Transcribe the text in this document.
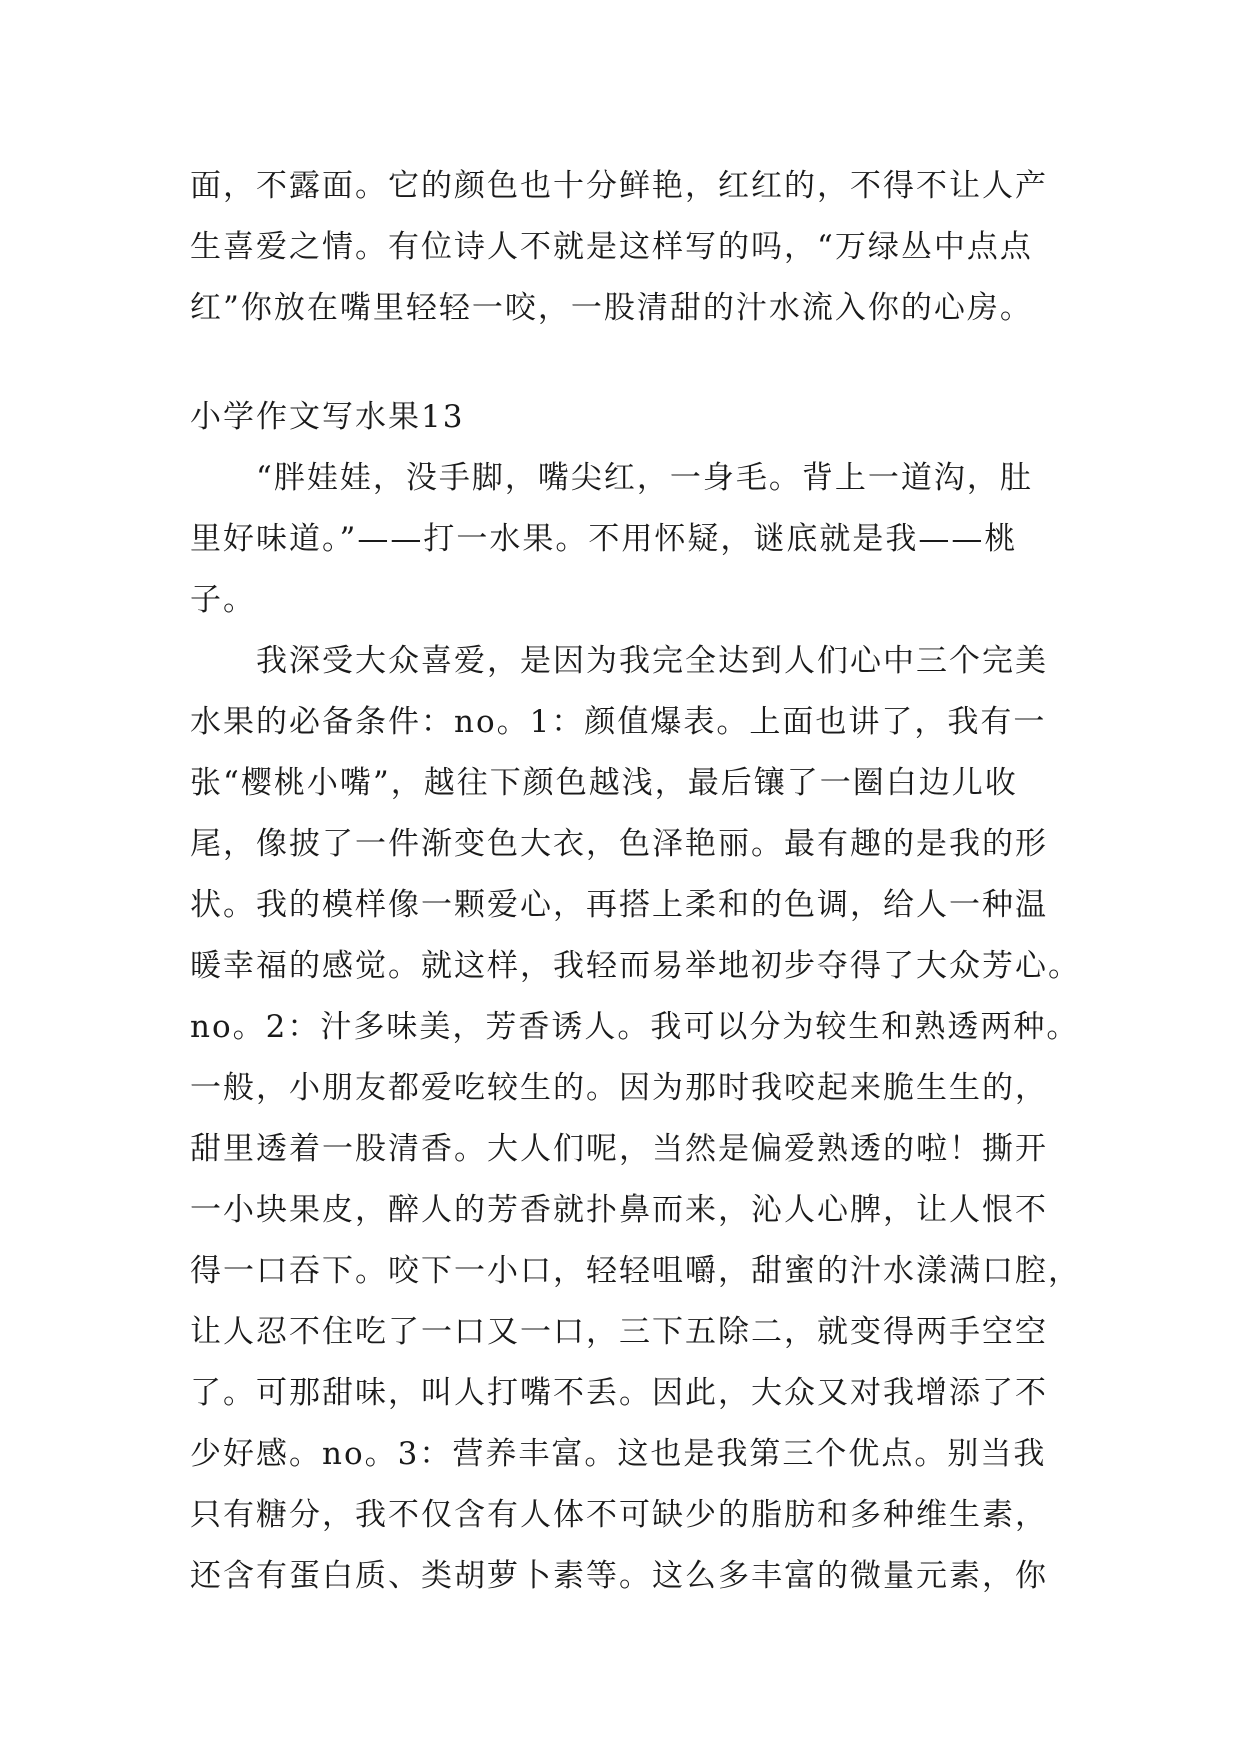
面，不露面。它的颜色也十分鲜艳，红红的，不得不让人产
生喜爱之情。有位诗人不就是这样写的吗，“万绿丛中点点
红”你放在嘴里轻轻一咬，一股清甜的汁水流入你的心房。

小学作文写水果13

“胖娃娃，没手脚，嘴尖红，一身毛。背上一道沟，肚
里好味道。”——打一水果。不用怀疑，谜底就是我——桃
子。

我深受大众喜爱，是因为我完全达到人们心中三个完美
水果的必备条件：no。1：颜值爆表。上面也讲了，我有一
张“樱桃小嘴”，越往下颜色越浅，最后镶了一圈白边儿收
尾，像披了一件渐变色大衣，色泽艳丽。最有趣的是我的形
状。我的模样像一颗爱心，再搭上柔和的色调，给人一种温
暖幸福的感觉。就这样，我轻而易举地初步夺得了大众芳心。
no。2：汁多味美，芳香诱人。我可以分为较生和熟透两种。
一般，小朋友都爱吃较生的。因为那时我咬起来脆生生的，
甜里透着一股清香。大人们呢，当然是偏爱熟透的啦！撕开
一小块果皮，醉人的芳香就扑鼻而来，沁人心脾，让人恨不
得一口吞下。咬下一小口，轻轻咀嚼，甜蜜的汁水漾满口腔，
让人忍不住吃了一口又一口，三下五除二，就变得两手空空
了。可那甜味，叫人打嘴不丢。因此，大众又对我增添了不
少好感。no。3：营养丰富。这也是我第三个优点。别当我
只有糖分，我不仅含有人体不可缺少的脂肪和多种维生素，
还含有蛋白质、类胡萝卜素等。这么多丰富的微量元素，你
